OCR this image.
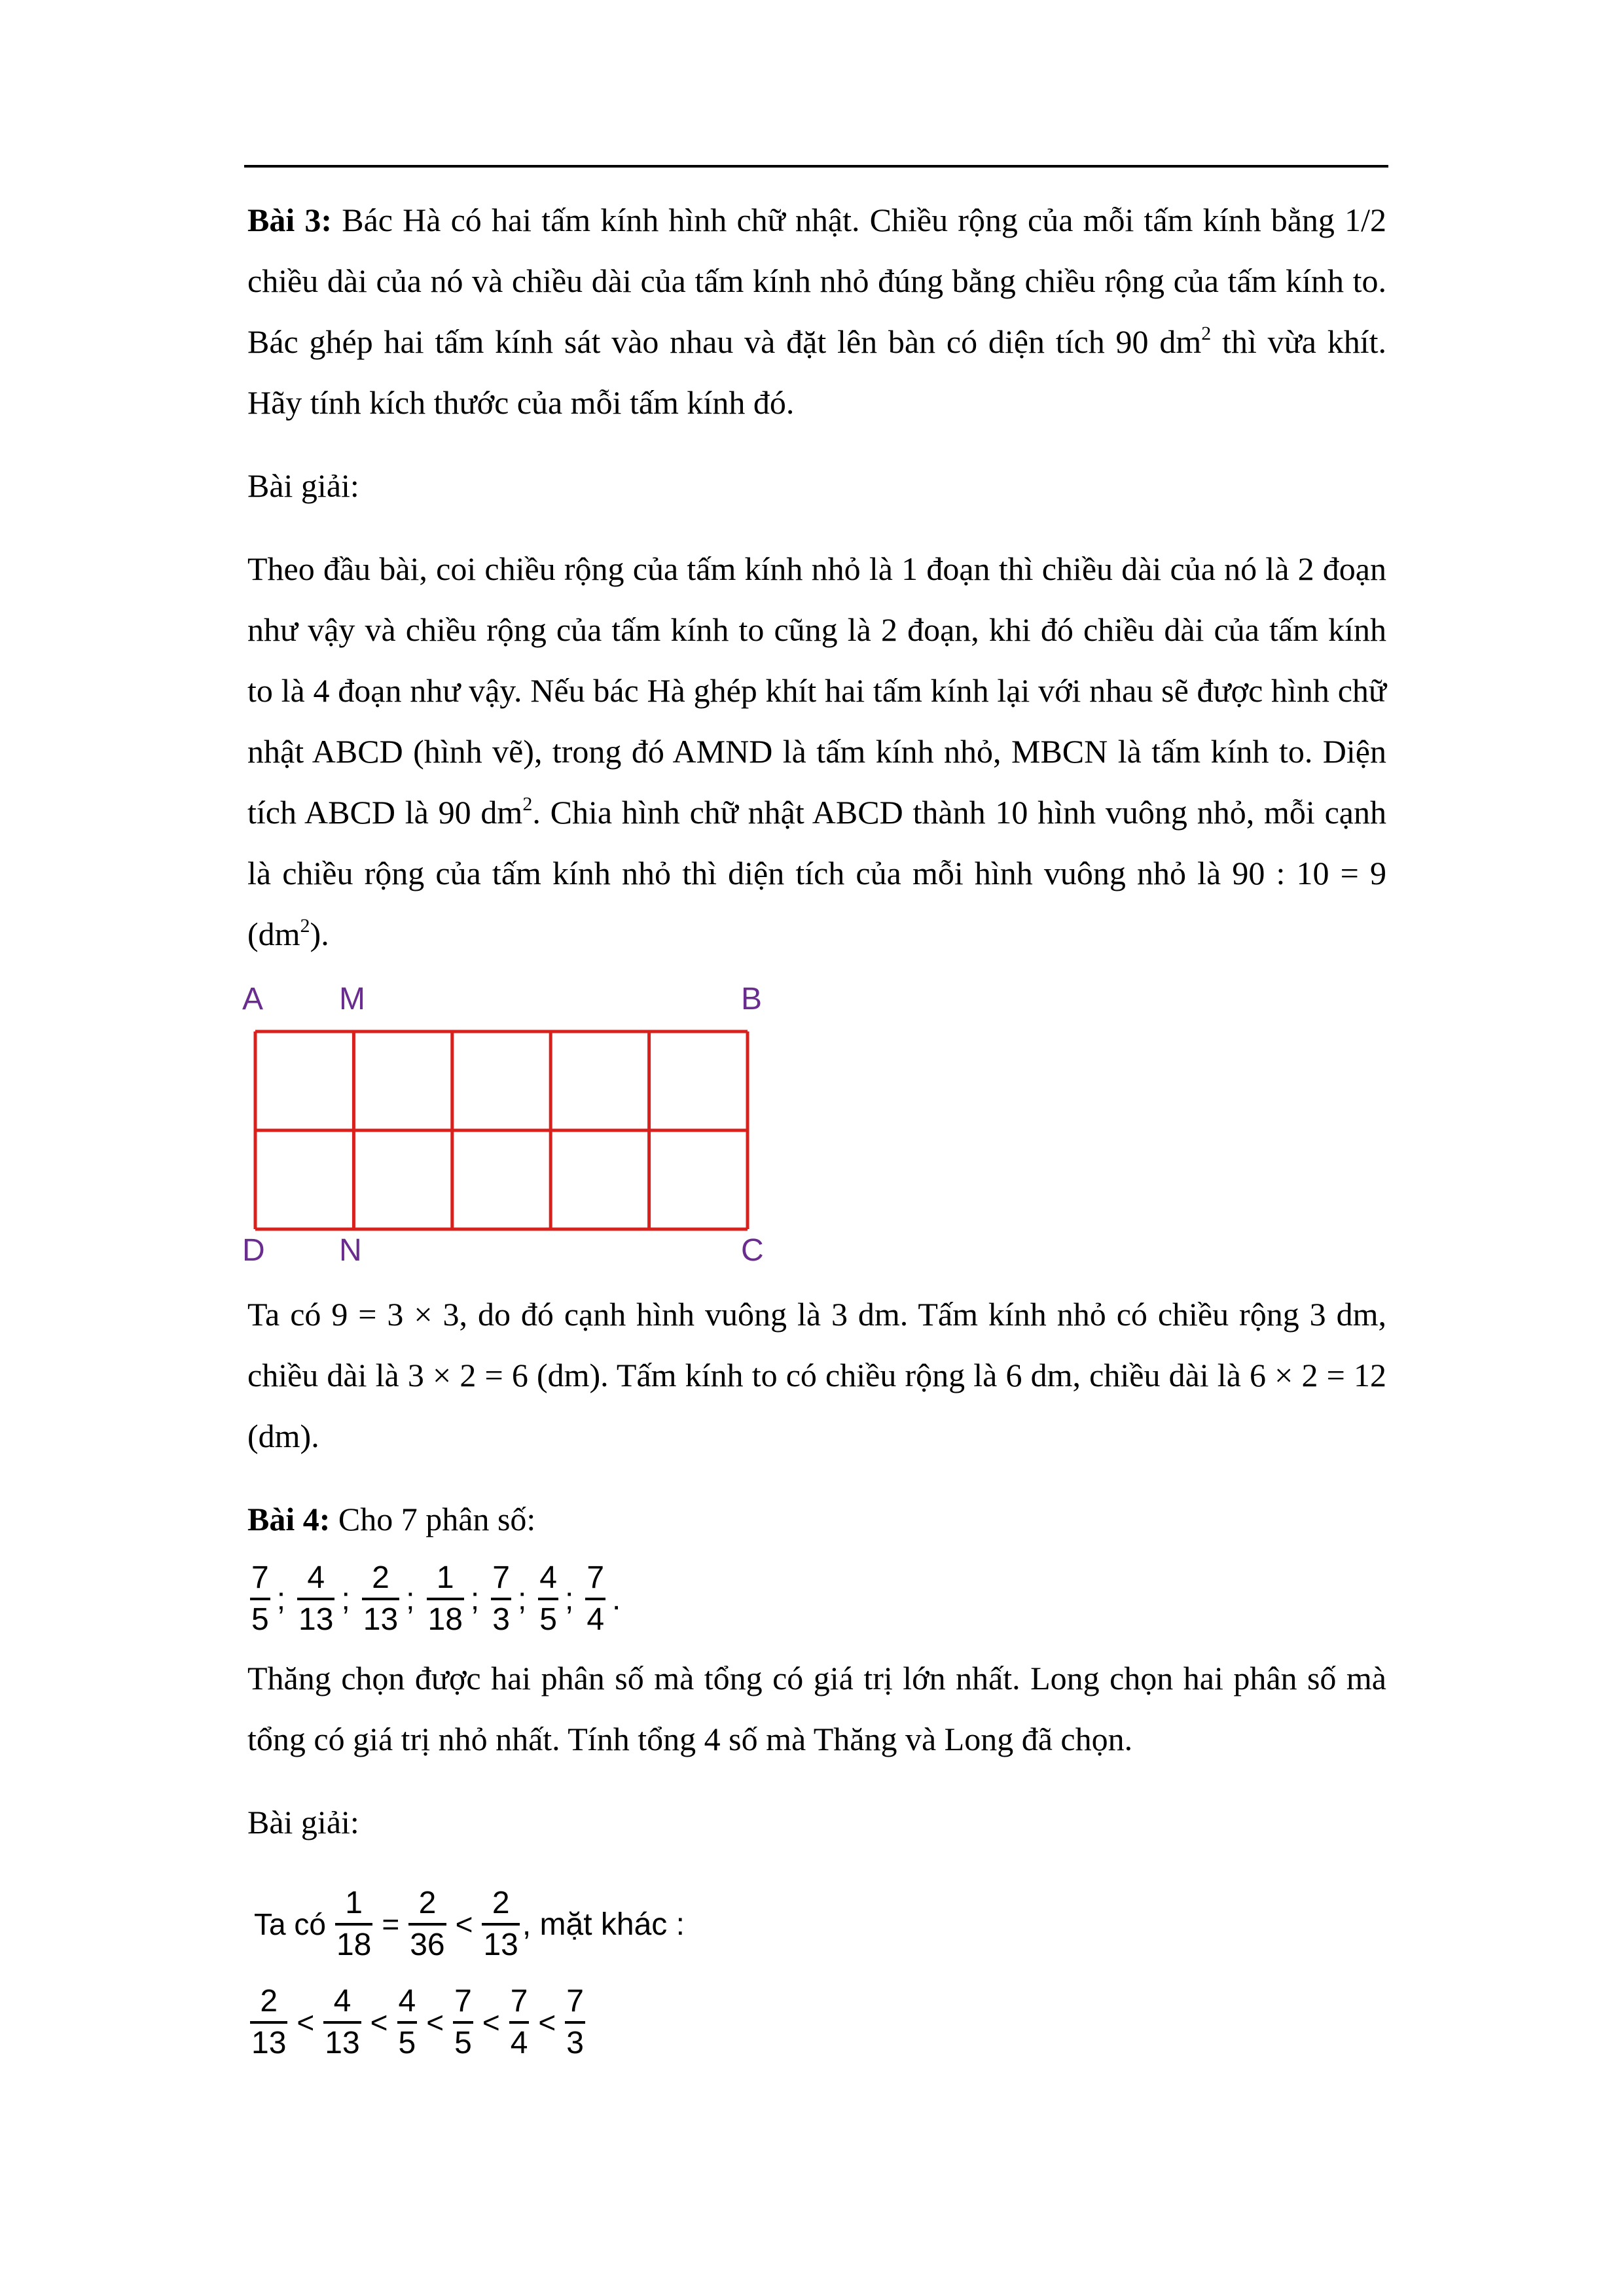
Bài 3: Bác Hà có hai tấm kính hình chữ nhật. Chiều rộng của mỗi tấm kính bằng 1/2 chiều dài của nó và chiều dài của tấm kính nhỏ đúng bằng chiều rộng của tấm kính to. Bác ghép hai tấm kính sát vào nhau và đặt lên bàn có diện tích 90 $dm^2$ thì vừa khít. Hãy tính kích thước của mỗi tấm kính đó.

Bài giải:

Theo đầu bài, coi chiều rộng của tấm kính nhỏ là 1 đoạn thì chiều dài của nó là 2 đoạn như vậy và chiều rộng của tấm kính to cũng là 2 đoạn, khi đó chiều dài của tấm kính to là 4 đoạn như vậy. Nếu bác Hà ghép khít hai tấm kính lại với nhau sẽ được hình chữ nhật ABCD (hình vẽ), trong đó AMND là tấm kính nhỏ, MBCN là tấm kính to. Diện tích ABCD là 90 $dm^2$. Chia hình chữ nhật ABCD thành 10 hình vuông nhỏ, mỗi cạnh là chiều rộng của tấm kính nhỏ thì diện tích của mỗi hình vuông nhỏ là 90 : 10 = 9 $(dm^2)$.

A M	B
D N	C

Ta có 9 = 3 × 3, do đó cạnh hình vuông là 3 dm. Tấm kính nhỏ có chiều rộng 3 dm, chiều dài là 3 × 2 = 6 (dm). Tấm kính to có chiều rộng là 6 dm, chiều dài là 6 × 2 = 12 (dm).

Bài 4: Cho 7 phân số:

$\frac{7}{5}$ ; $\frac{4}{13}$ ; $\frac{2}{13}$ ; $\frac{1}{18}$ ; $\frac{7}{3}$ ; $\frac{4}{5}$ ; $\frac{7}{4}$ .

Thăng chọn được hai phân số mà tổng có giá trị lớn nhất. Long chọn hai phân số mà tổng có giá trị nhỏ nhất. Tính tổng 4 số mà Thăng và Long đã chọn.

Bài giải:

Ta có $\frac{1}{18} = \frac{2}{36} < \frac{2}{13}$ , mặt khác :
$\frac{2}{13} < \frac{4}{13} < \frac{4}{5} < \frac{7}{5} < \frac{7}{4} < \frac{7}{3}$
